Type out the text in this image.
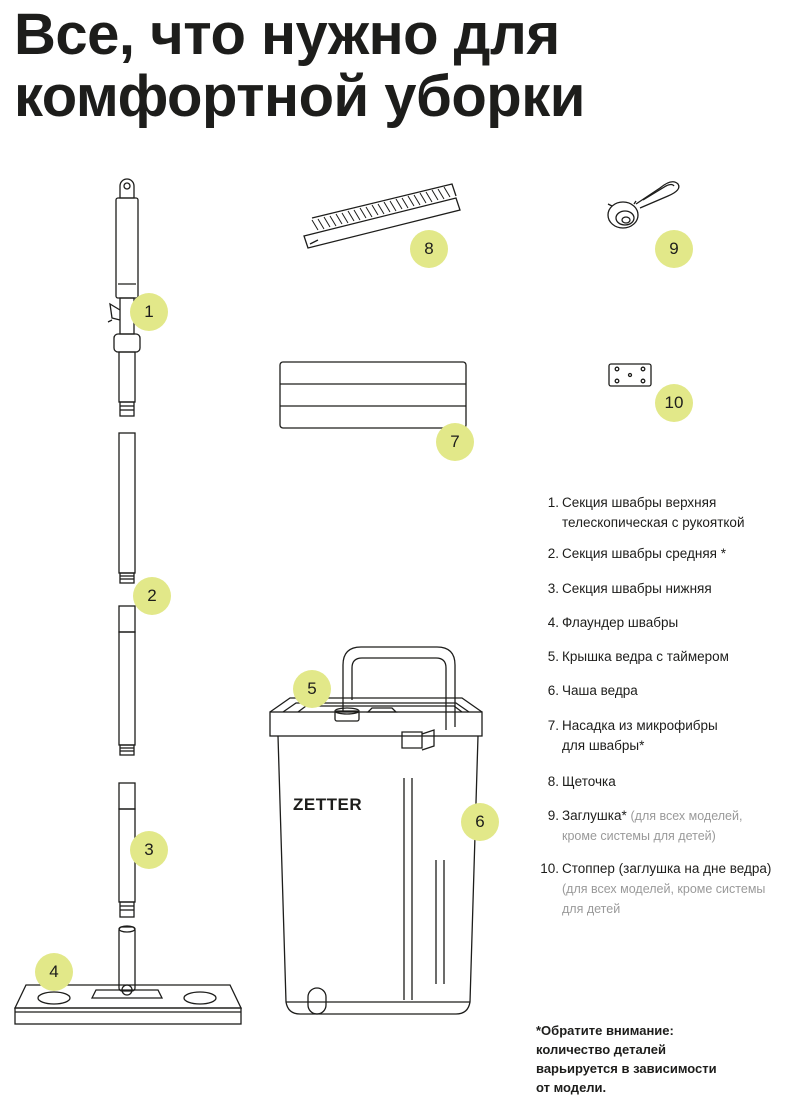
Все, что нужно для
комфортной уборки
ZETTER
1
2
3
4
5
6
7
8	9
10
1. Секция швабры верхняя
телескопическая с рукояткой
2. Секция швабры средняя *
3. Секция швабры нижняя
4. Флаундер швабры
5. Крышка ведра с таймером
6. Чаша ведра
7. Насадка из микрофибры
для швабры*
8. Щеточка
9. Заглушка* (для всех моделей,
кроме системы для детей)
10. Стоппер (заглушка на дне ведра)
(для всех моделей, кроме системы
для детей

*Обратите внимание:
количество деталей
варьируется в зависимости
от модели.
